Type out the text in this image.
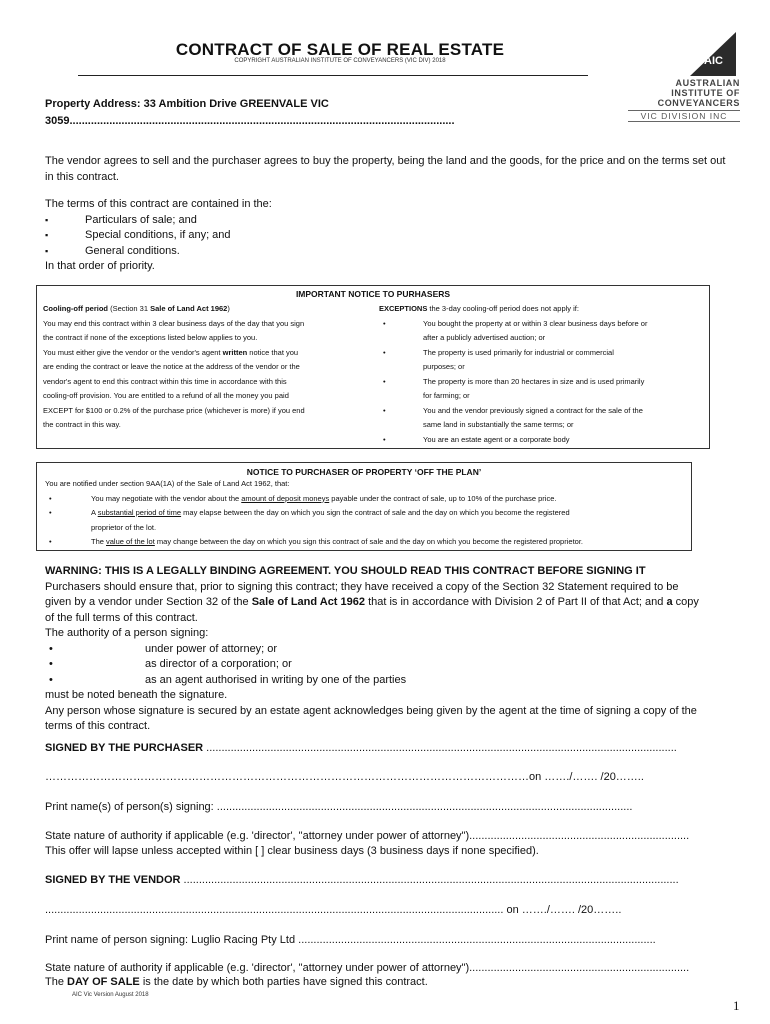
CONTRACT OF SALE OF REAL ESTATE
COPYRIGHT AUSTRALIAN INSTITUTE OF CONVEYANCERS (VIC DIV) 2018	AIC
AUSTRALIAN
INSTITUTE OF
CONVEYANCERS
VIC DIVISION INC
Property Address: 33 Ambition Drive GREENVALE VIC
3059..............................................................................................................................
The vendor agrees to sell and the purchaser agrees to buy the property, being the land and the goods, for the price and on the terms set out in this contract.
The terms of this contract are contained in the:
▪ Particulars of sale; and
▪ Special conditions, if any; and
▪ General conditions.
In that order of priority.
IMPORTANT NOTICE TO PURHASERS
Cooling-off period (Section 31 Sale of Land Act 1962)
You may end this contract within 3 clear business days of the day that you sign
the contract if none of the exceptions listed below applies to you.
You must either give the vendor or the vendor's agent written notice that you
are ending the contract or leave the notice at the address of the vendor or the
vendor's agent to end this contract within this time in accordance with this
cooling-off provision. You are entitled to a refund of all the money you paid
EXCEPT for $100 or 0.2% of the purchase price (whichever is more) if you end
the contract in this way.
EXCEPTIONS the 3-day cooling-off period does not apply if:
• You bought the property at or within 3 clear business days before or
after a publicly advertised auction; or
• The property is used primarily for industrial or commercial
purposes; or
• The property is more than 20 hectares in size and is used primarily
for farming; or
• You and the vendor previously signed a contract for the sale of the
same land in substantially the same terms; or
• You are an estate agent or a corporate body
NOTICE TO PURCHASER OF PROPERTY ‘OFF THE PLAN’
You are notified under section 9AA(1A) of the Sale of Land Act 1962, that:
• You may negotiate with the vendor about the amount of deposit moneys payable under the contract of sale, up to 10% of the purchase price.
• A substantial period of time may elapse between the day on which you sign the contract of sale and the day on which you become the registered
proprietor of the lot.
• The value of the lot may change between the day on which you sign this contract of sale and the day on which you become the registered proprietor.
WARNING: THIS IS A LEGALLY BINDING AGREEMENT. YOU SHOULD READ THIS CONTRACT BEFORE SIGNING IT
Purchasers should ensure that, prior to signing this contract; they have received a copy of the Section 32 Statement required to be
given by a vendor under Section 32 of the Sale of Land Act 1962 that is in accordance with Division 2 of Part II of that Act; and a copy
of the full terms of this contract.
The authority of a person signing:
• under power of attorney; or
• as director of a corporation; or
• as an agent authorised in writing by one of the parties
must be noted beneath the signature.
Any person whose signature is secured by an estate agent acknowledges being given by the agent at the time of signing a copy of the
terms of this contract.
SIGNED BY THE PURCHASER ..........................................................................................................................................................
……………………………………………………………………………………………………………………on ……./……. /20……..
Print name(s) of person(s) signing: ........................................................................................................................................
State nature of authority if applicable (e.g. 'director', "attorney under power of attorney")........................................................................
This offer will lapse unless accepted within [ ] clear business days (3 business days if none specified).
SIGNED BY THE VENDOR ..................................................................................................................................................................
...................................................................................................................................................... on ……./……. /20……..
Print name of person signing: Luglio Racing Pty Ltd .....................................................................................................................
State nature of authority if applicable (e.g. 'director', "attorney under power of attorney")........................................................................
The DAY OF SALE is the date by which both parties have signed this contract.
AIC Vic Version August 2018
1
